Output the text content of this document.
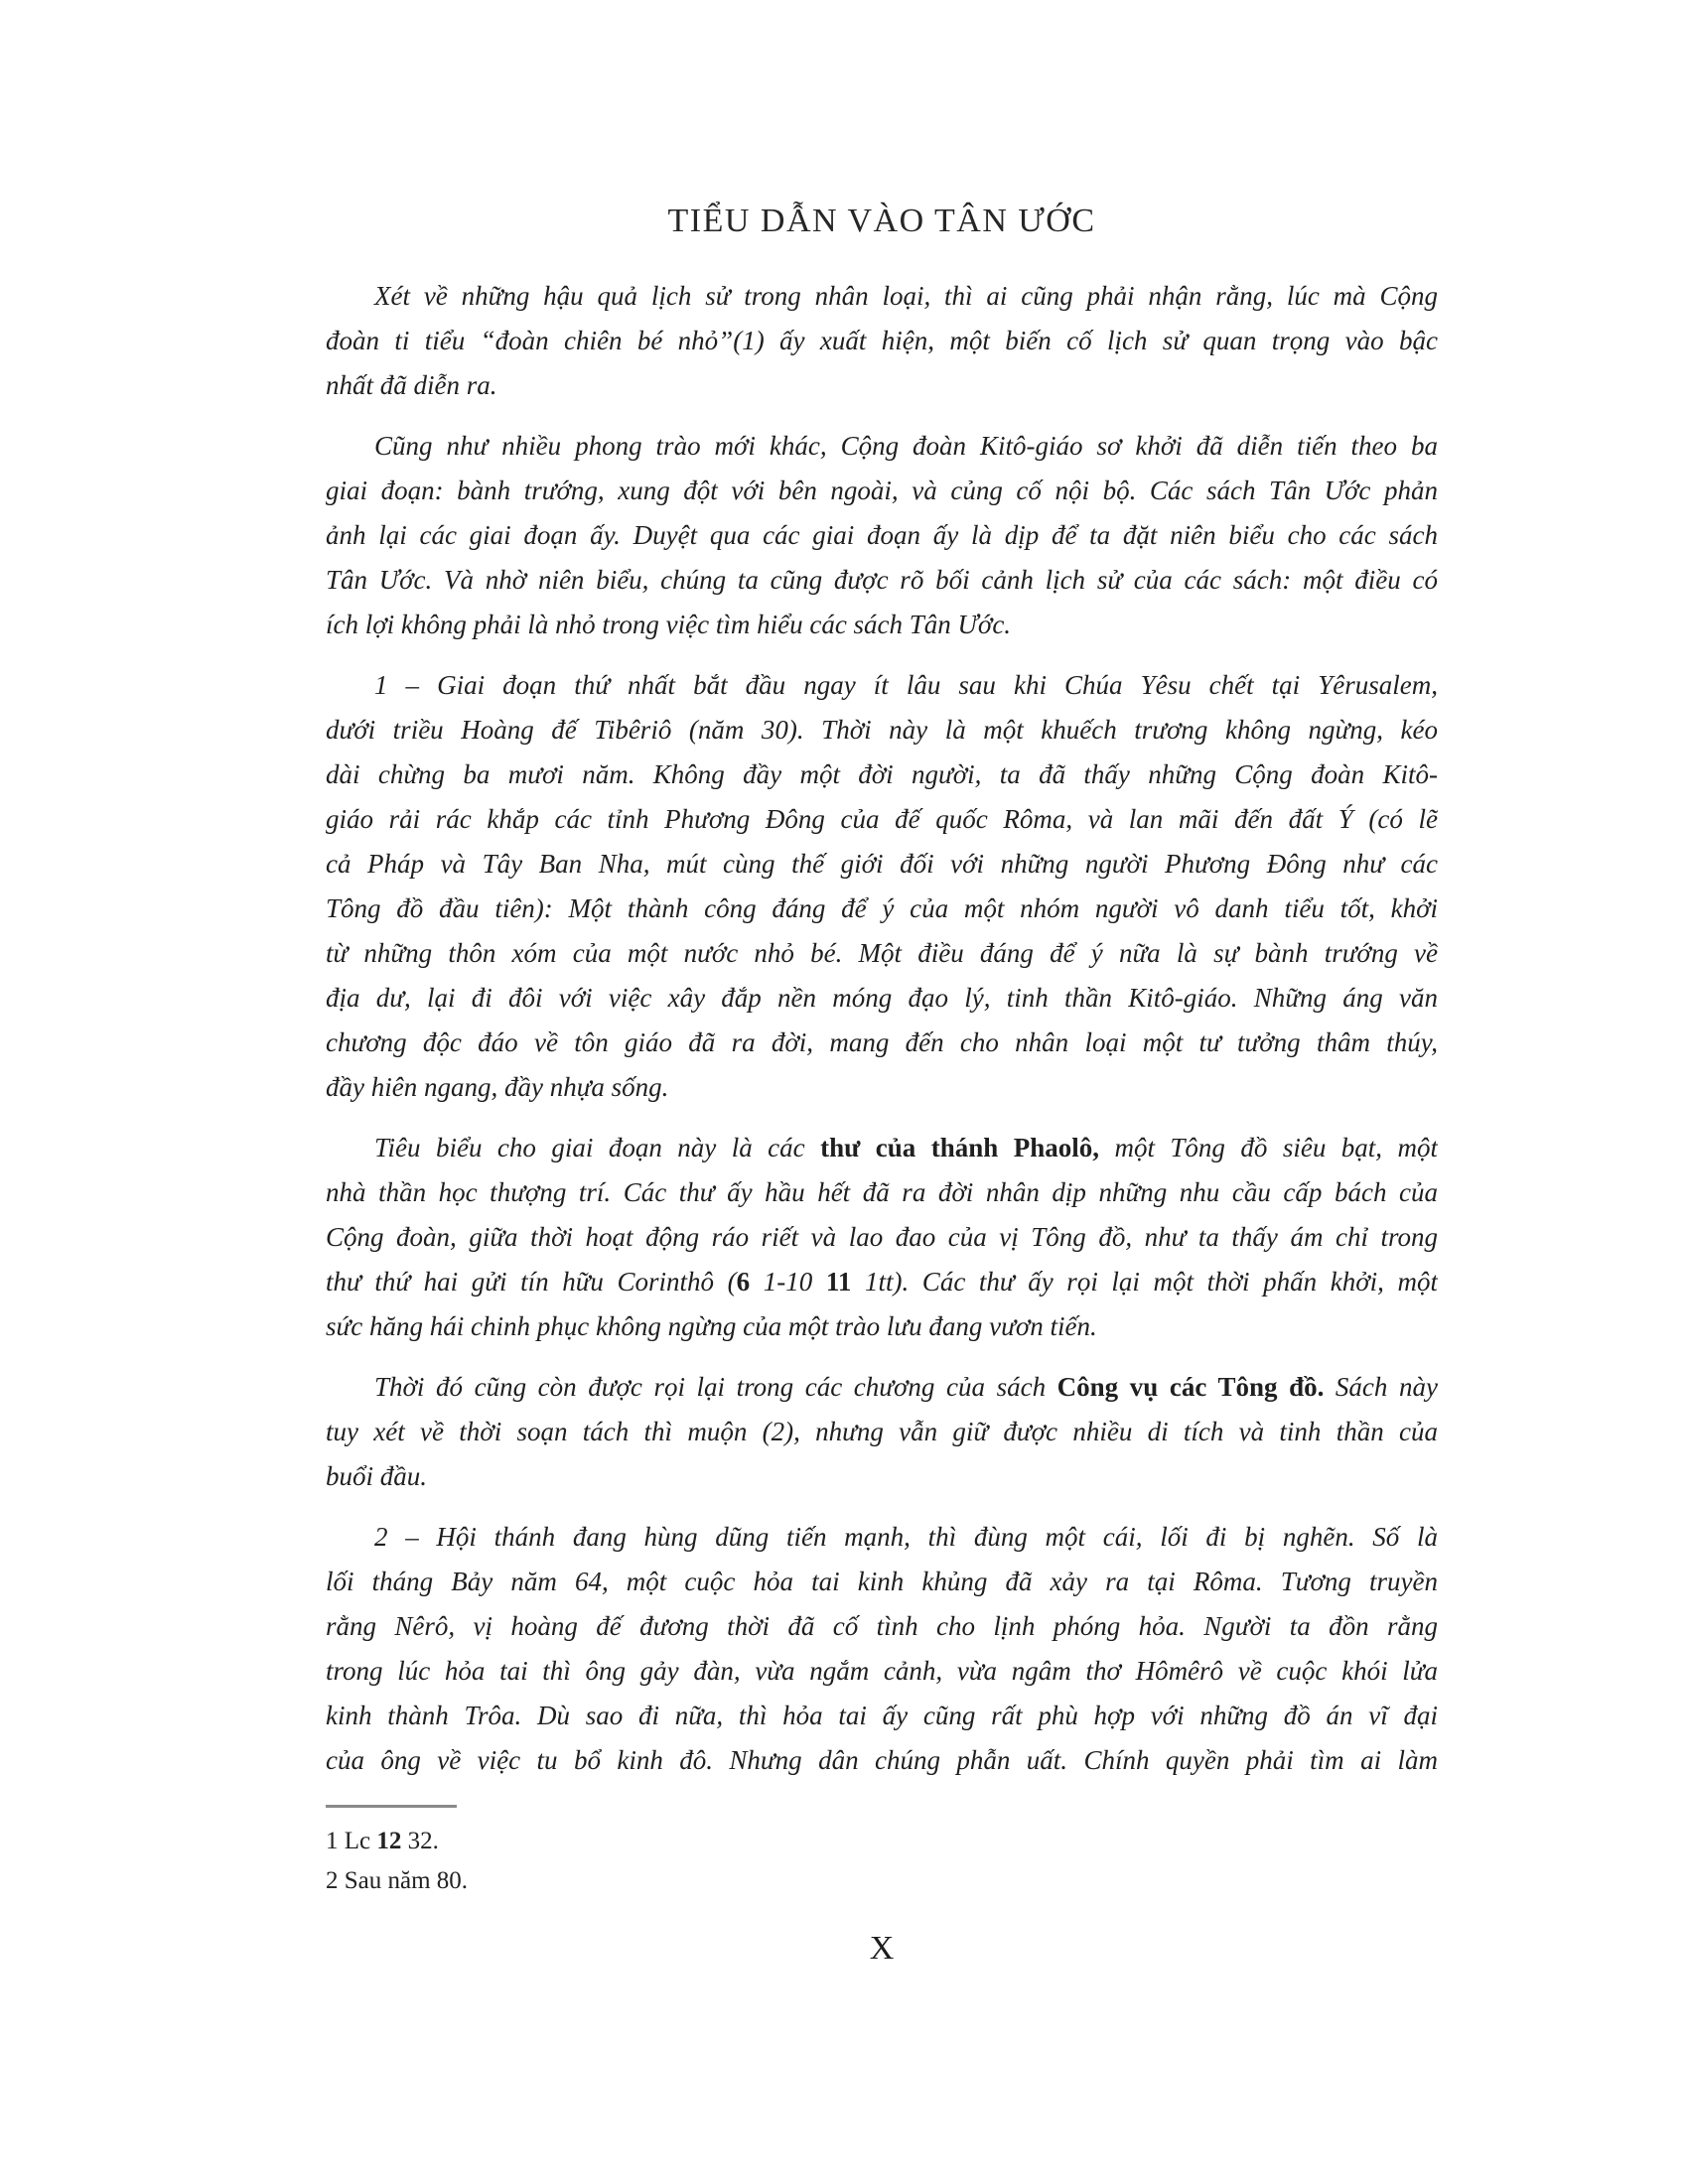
TIỂU DẪN VÀO TÂN ƯỚC

Xét về những hậu quả lịch sử trong nhân loại, thì ai cũng phải nhận rằng, lúc mà Cộng
đoàn ti tiểu “đoàn chiên bé nhỏ”(1) ấy xuất hiện, một biến cố lịch sử quan trọng vào bậc
nhất đã diễn ra.

Cũng như nhiều phong trào mới khác, Cộng đoàn Kitô-giáo sơ khởi đã diễn tiến theo ba
giai đoạn: bành trướng, xung đột với bên ngoài, và củng cố nội bộ. Các sách Tân Ước phản
ảnh lại các giai đoạn ấy. Duyệt qua các giai đoạn ấy là dịp để ta đặt niên biểu cho các sách
Tân Ước. Và nhờ niên biểu, chúng ta cũng được rõ bối cảnh lịch sử của các sách: một điều có
ích lợi không phải là nhỏ trong việc tìm hiểu các sách Tân Ước.

1 – Giai đoạn thứ nhất bắt đầu ngay ít lâu sau khi Chúa Yêsu chết tại Yêrusalem,
dưới triều Hoàng đế Tibêriô (năm 30). Thời này là một khuếch trương không ngừng, kéo
dài chừng ba mươi năm. Không đầy một đời người, ta đã thấy những Cộng đoàn Kitô-
giáo rải rác khắp các tỉnh Phương Đông của đế quốc Rôma, và lan mãi đến đất Ý (có lẽ
cả Pháp và Tây Ban Nha, mút cùng thế giới đối với những người Phương Đông như các
Tông đồ đầu tiên): Một thành công đáng để ý của một nhóm người vô danh tiểu tốt, khởi
từ những thôn xóm của một nước nhỏ bé. Một điều đáng để ý nữa là sự bành trướng về
địa dư, lại đi đôi với việc xây đắp nền móng đạo lý, tinh thần Kitô-giáo. Những áng văn
chương độc đáo về tôn giáo đã ra đời, mang đến cho nhân loại một tư tưởng thâm thúy,
đầy hiên ngang, đầy nhựa sống.

Tiêu biểu cho giai đoạn này là các thư của thánh Phaolô, một Tông đồ siêu bạt, một
nhà thần học thượng trí. Các thư ấy hầu hết đã ra đời nhân dịp những nhu cầu cấp bách của
Cộng đoàn, giữa thời hoạt động ráo riết và lao đao của vị Tông đồ, như ta thấy ám chỉ trong
thư thứ hai gửi tín hữu Corinthô (6 1-10 11 1tt). Các thư ấy rọi lại một thời phấn khởi, một
sức hăng hái chinh phục không ngừng của một trào lưu đang vươn tiến.

Thời đó cũng còn được rọi lại trong các chương của sách Công vụ các Tông đồ. Sách này
tuy xét về thời soạn tách thì muộn (2), nhưng vẫn giữ được nhiều di tích và tinh thần của
buổi đầu.

2 – Hội thánh đang hùng dũng tiến mạnh, thì đùng một cái, lối đi bị nghẽn. Số là
lối tháng Bảy năm 64, một cuộc hỏa tai kinh khủng đã xảy ra tại Rôma. Tương truyền
rằng Nêrô, vị hoàng đế đương thời đã cố tình cho lịnh phóng hỏa. Người ta đồn rằng
trong lúc hỏa tai thì ông gảy đàn, vừa ngắm cảnh, vừa ngâm thơ Hômêrô về cuộc khói lửa
kinh thành Trôa. Dù sao đi nữa, thì hỏa tai ấy cũng rất phù hợp với những đồ án vĩ đại
của ông về việc tu bổ kinh đô. Nhưng dân chúng phẫn uất. Chính quyền phải tìm ai làm

1 Lc 12 32.
2 Sau năm 80.
X
